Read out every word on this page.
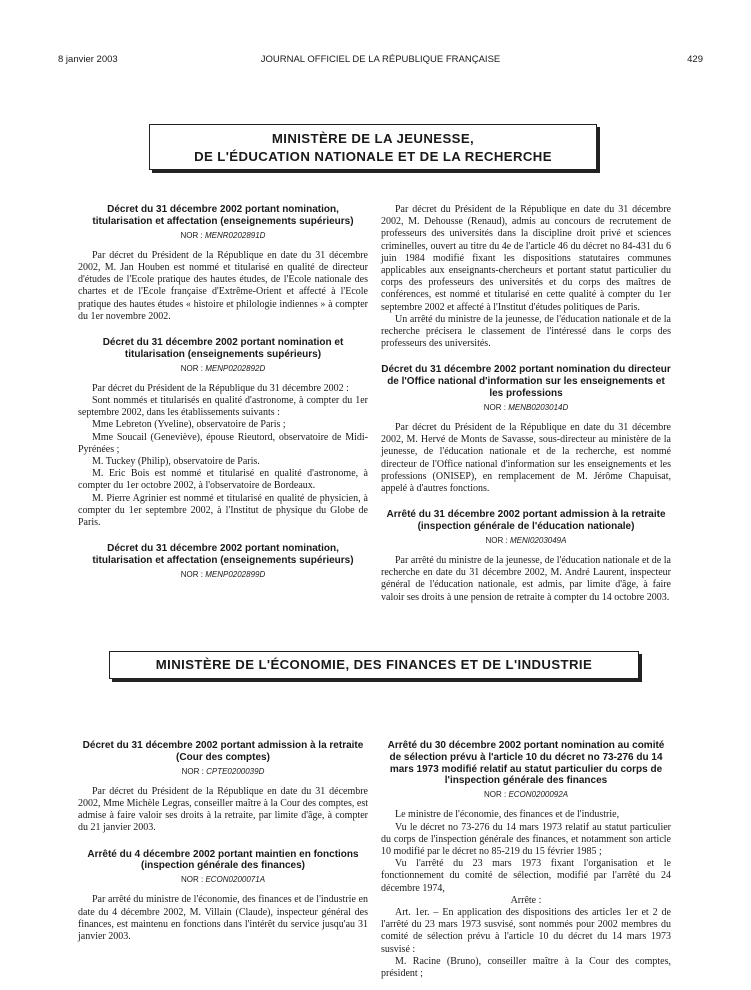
8 janvier 2003	JOURNAL OFFICIEL DE LA RÉPUBLIQUE FRANÇAISE	429
MINISTÈRE DE LA JEUNESSE,
DE L'ÉDUCATION NATIONALE ET DE LA RECHERCHE

Décret du 31 décembre 2002 portant nomination, titularisation et affectation (enseignements supérieurs)

NOR : MENR0202891D

Par décret du Président de la République en date du 31 décembre 2002, M. Jan Houben est nommé et titularisé en qualité de directeur d'études de l'Ecole pratique des hautes études, de l'Ecole nationale des chartes et de l'Ecole française d'Extrême-Orient et affecté à l'Ecole pratique des hautes études « histoire et philologie indiennes » à compter du 1er novembre 2002.

Décret du 31 décembre 2002 portant nomination et titularisation (enseignements supérieurs)

NOR : MENP0202892D

Par décret du Président de la République du 31 décembre 2002 :

Sont nommés et titularisés en qualité d'astronome, à compter du 1er septembre 2002, dans les établissements suivants :

Mme Lebreton (Yveline), observatoire de Paris ;

Mme Soucail (Geneviève), épouse Rieutord, observatoire de Midi-Pyrénées ;

M. Tuckey (Philip), observatoire de Paris.

M. Eric Bois est nommé et titularisé en qualité d'astronome, à compter du 1er octobre 2002, à l'observatoire de Bordeaux.

M. Pierre Agrinier est nommé et titularisé en qualité de physicien, à compter du 1er septembre 2002, à l'Institut de physique du Globe de Paris.

Décret du 31 décembre 2002 portant nomination, titularisation et affectation (enseignements supérieurs)

NOR : MENP0202899D

Par décret du Président de la République en date du 31 décembre 2002, M. Dehousse (Renaud), admis au concours de recrutement de professeurs des universités dans la discipline droit privé et sciences criminelles, ouvert au titre du 4e de l'article 46 du décret no 84-431 du 6 juin 1984 modifié fixant les dispositions statutaires communes applicables aux enseignants-chercheurs et portant statut particulier du corps des professeurs des universités et du corps des maîtres de conférences, est nommé et titularisé en cette qualité à compter du 1er septembre 2002 et affecté à l'Institut d'études politiques de Paris.

Un arrêté du ministre de la jeunesse, de l'éducation nationale et de la recherche précisera le classement de l'intéressé dans le corps des professeurs des universités.

Décret du 31 décembre 2002 portant nomination du directeur de l'Office national d'information sur les enseignements et les professions

NOR : MENB0203014D

Par décret du Président de la République en date du 31 décembre 2002, M. Hervé de Monts de Savasse, sous-directeur au ministère de la jeunesse, de l'éducation nationale et de la recherche, est nommé directeur de l'Office national d'information sur les enseignements et les professions (ONISEP), en remplacement de M. Jérôme Chapuisat, appelé à d'autres fonctions.

Arrêté du 31 décembre 2002 portant admission à la retraite (inspection générale de l'éducation nationale)

NOR : MENI0203049A

Par arrêté du ministre de la jeunesse, de l'éducation nationale et de la recherche en date du 31 décembre 2002, M. André Laurent, inspecteur général de l'éducation nationale, est admis, par limite d'âge, à faire valoir ses droits à une pension de retraite à compter du 14 octobre 2003.

MINISTÈRE DE L'ÉCONOMIE, DES FINANCES ET DE L'INDUSTRIE

Décret du 31 décembre 2002 portant admission à la retraite (Cour des comptes)

NOR : CPTE0200039D

Par décret du Président de la République en date du 31 décembre 2002, Mme Michèle Legras, conseiller maître à la Cour des comptes, est admise à faire valoir ses droits à la retraite, par limite d'âge, à compter du 21 janvier 2003.

Arrêté du 4 décembre 2002 portant maintien en fonctions (inspection générale des finances)

NOR : ECON0200071A

Par arrêté du ministre de l'économie, des finances et de l'industrie en date du 4 décembre 2002, M. Villain (Claude), inspecteur général des finances, est maintenu en fonctions dans l'intérêt du service jusqu'au 31 janvier 2003.

Arrêté du 30 décembre 2002 portant nomination au comité de sélection prévu à l'article 10 du décret no 73-276 du 14 mars 1973 modifié relatif au statut particulier du corps de l'inspection générale des finances

NOR : ECON0200092A

Le ministre de l'économie, des finances et de l'industrie,

Vu le décret no 73-276 du 14 mars 1973 relatif au statut particulier du corps de l'inspection générale des finances, et notamment son article 10 modifié par le décret no 85-219 du 15 février 1985 ;

Vu l'arrêté du 23 mars 1973 fixant l'organisation et le fonctionnement du comité de sélection, modifié par l'arrêté du 24 décembre 1974,

Arrête :

Art. 1er. – En application des dispositions des articles 1er et 2 de l'arrêté du 23 mars 1973 susvisé, sont nommés pour 2002 membres du comité de sélection prévu à l'article 10 du décret du 14 mars 1973 susvisé :

M. Racine (Bruno), conseiller maître à la Cour des comptes, président ;
